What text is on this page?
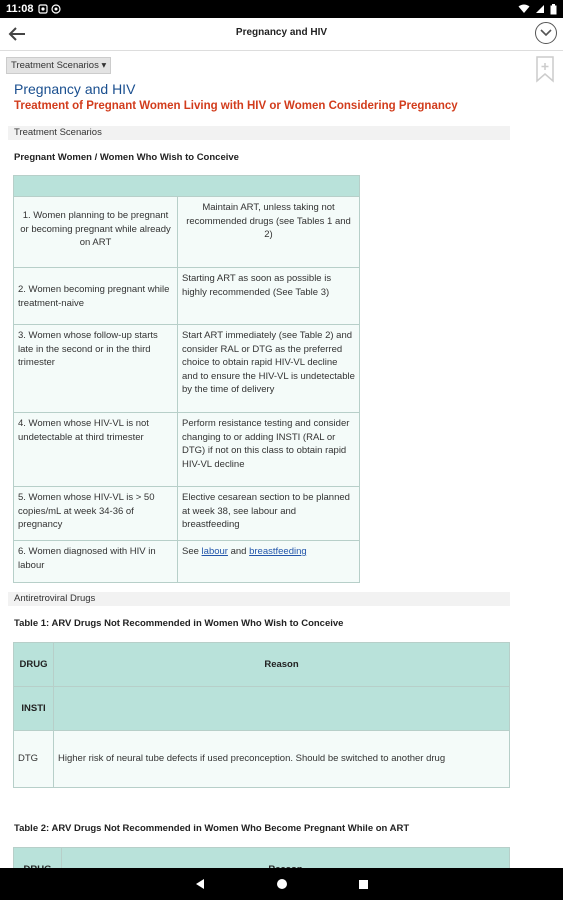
11:08
Pregnancy and HIV
Treatment Scenarios ▾
Pregnancy and HIV
Treatment of Pregnant Women Living with HIV or Women Considering Pregnancy
Treatment Scenarios
Pregnant Women / Women Who Wish to Conceive

1. Women planning to be pregnant or becoming pregnant while already on ART	Maintain ART, unless taking not recommended drugs (see Tables 1 and 2)
2. Women becoming pregnant while treatment-naive	Starting ART as soon as possible is highly recommended (See Table 3)
3. Women whose follow-up starts late in the second or in the third trimester	Start ART immediately (see Table 2) and consider RAL or DTG as the preferred choice to obtain rapid HIV-VL decline and to ensure the HIV-VL is undetectable by the time of delivery
4. Women whose HIV-VL is not undetectable at third trimester	Perform resistance testing and consider changing to or adding INSTI (RAL or DTG) if not on this class to obtain rapid HIV-VL decline
5. Women whose HIV-VL is > 50 copies/mL at week 34-36 of pregnancy	Elective cesarean section to be planned at week 38, see labour and breastfeeding
6. Women diagnosed with HIV in labour	See labour and breastfeeding
Antiretroviral Drugs
Table 1: ARV Drugs Not Recommended in Women Who Wish to Conceive
DRUG	Reason
INSTI	
DTG	Higher risk of neural tube defects if used preconception. Should be switched to another drug
Table 2: ARV Drugs Not Recommended in Women Who Become Pregnant While on ART
